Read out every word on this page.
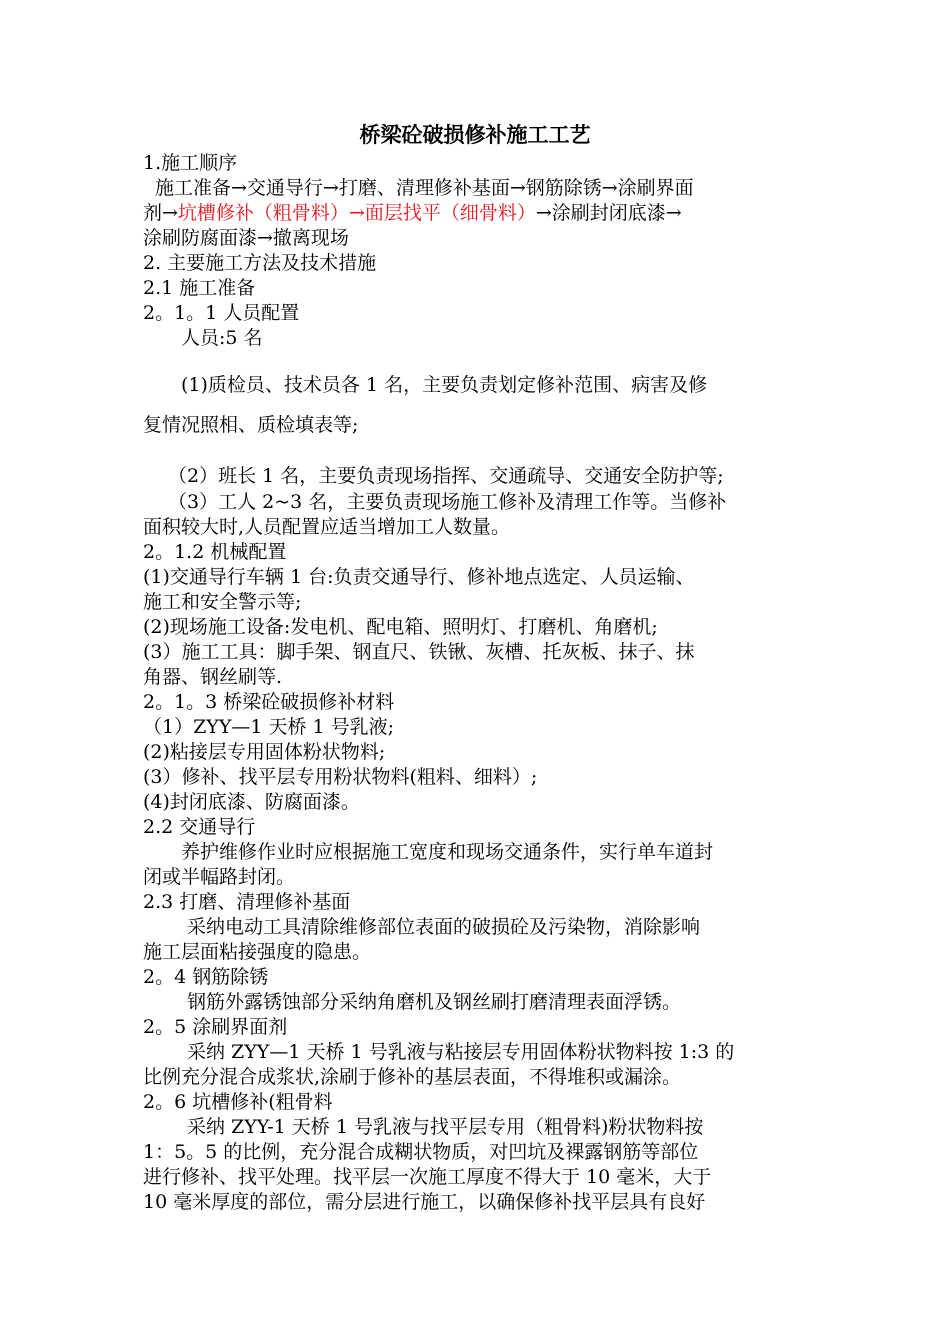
桥梁砼破损修补施工工艺
1.施工顺序
施工准备→交通导行→打磨、清理修补基面→钢筋除锈→涂刷界面
剂→坑槽修补（粗骨料）→面层找平（细骨料）→涂刷封闭底漆→
涂刷防腐面漆→撤离现场
2. 主要施工方法及技术措施
2.1 施工准备
2。1。1 人员配置
人员:5 名
(1)质检员、技术员各 1 名，主要负责划定修补范围、病害及修
复情况照相、质检填表等;
（2）班长 1 名，主要负责现场指挥、交通疏导、交通安全防护等;
（3）工人 2~3 名，主要负责现场施工修补及清理工作等。当修补
面积较大时,人员配置应适当增加工人数量。
2。1.2 机械配置
(1)交通导行车辆 1 台:负责交通导行、修补地点选定、人员运输、
施工和安全警示等;
(2)现场施工设备:发电机、配电箱、照明灯、打磨机、角磨机;
(3）施工工具：脚手架、钢直尺、铁锹、灰槽、托灰板、抹子、抹
角器、钢丝刷等.
2。1。3 桥梁砼破损修补材料
（1）ZYY—1 天桥 1 号乳液;
(2)粘接层专用固体粉状物料;
(3）修补、找平层专用粉状物料(粗料、细料）;
(4)封闭底漆、防腐面漆。
2.2 交通导行
养护维修作业时应根据施工宽度和现场交通条件，实行单车道封
闭或半幅路封闭。
2.3 打磨、清理修补基面
采纳电动工具清除维修部位表面的破损砼及污染物，消除影响
施工层面粘接强度的隐患。
2。4 钢筋除锈
钢筋外露锈蚀部分采纳角磨机及钢丝刷打磨清理表面浮锈。
2。5 涂刷界面剂
采纳 ZYY—1 天桥 1 号乳液与粘接层专用固体粉状物料按 1:3 的
比例充分混合成浆状,涂刷于修补的基层表面，不得堆积或漏涂。
2。6 坑槽修补(粗骨料
采纳 ZYY-1 天桥 1 号乳液与找平层专用（粗骨料)粉状物料按
1：5。5 的比例，充分混合成糊状物质，对凹坑及裸露钢筋等部位
进行修补、找平处理。找平层一次施工厚度不得大于 10 毫米，大于
10 毫米厚度的部位，需分层进行施工，以确保修补找平层具有良好
